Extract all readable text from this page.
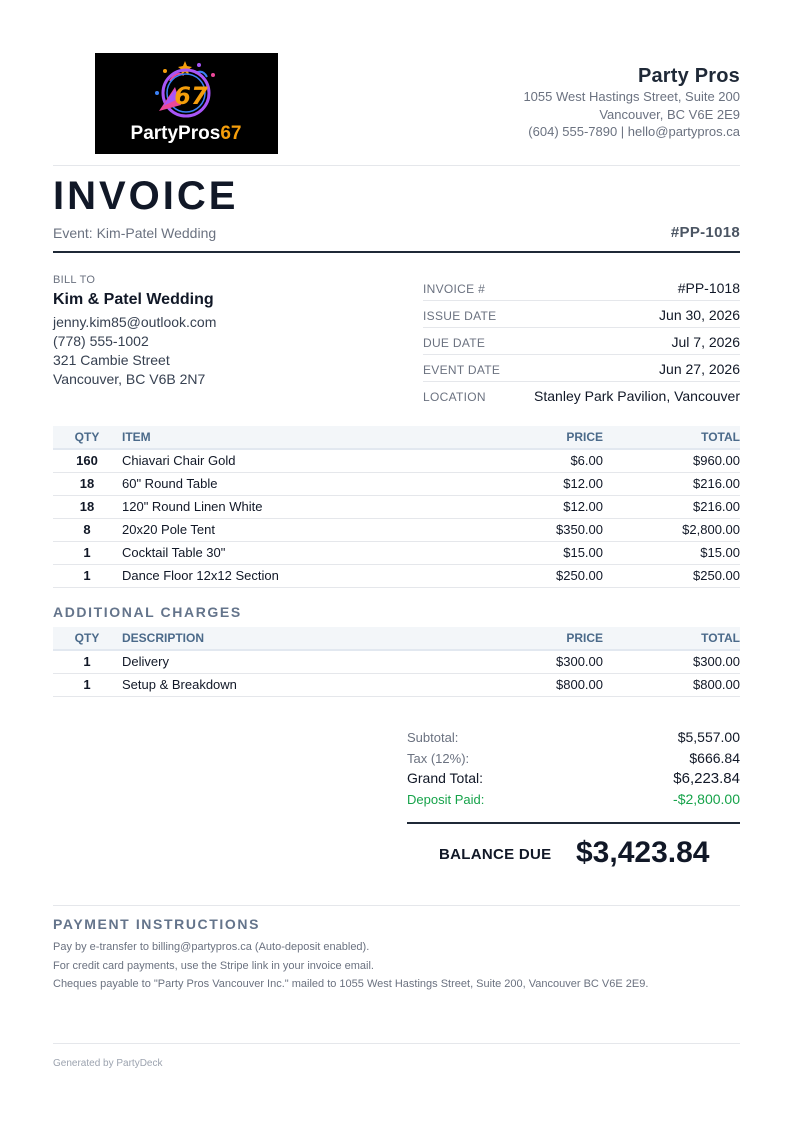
67
PartyPros67
Party Pros
1055 West Hastings Street, Suite 200
Vancouver, BC V6E 2E9
(604) 555-7890 | hello@partypros.ca
INVOICE
Event: Kim-Patel Wedding	#PP-1018
BILL TO
Kim & Patel Wedding
jenny.kim85@outlook.com
(778) 555-1002
321 Cambie Street
Vancouver, BC V6B 2N7
INVOICE #	#PP-1018
ISSUE DATE	Jun 30, 2026
DUE DATE	Jul 7, 2026
EVENT DATE	Jun 27, 2026
LOCATION	Stanley Park Pavilion, Vancouver
QTY	ITEM	PRICE	TOTAL
160	Chiavari Chair Gold	$6.00	$960.00
18	60" Round Table	$12.00	$216.00
18	120" Round Linen White	$12.00	$216.00
8	20x20 Pole Tent	$350.00	$2,800.00
1	Cocktail Table 30"	$15.00	$15.00
1	Dance Floor 12x12 Section	$250.00	$250.00
ADDITIONAL CHARGES
QTY	DESCRIPTION	PRICE	TOTAL
1	Delivery	$300.00	$300.00
1	Setup & Breakdown	$800.00	$800.00
Subtotal:	$5,557.00
Tax (12%):	$666.84
Grand Total:	$6,223.84
Deposit Paid:	-$2,800.00
BALANCE DUE $3,423.84
PAYMENT INSTRUCTIONS
Pay by e-transfer to billing@partypros.ca (Auto-deposit enabled).
For credit card payments, use the Stripe link in your invoice email.
Cheques payable to "Party Pros Vancouver Inc." mailed to 1055 West Hastings Street, Suite 200, Vancouver BC V6E 2E9.
Generated by PartyDeck
